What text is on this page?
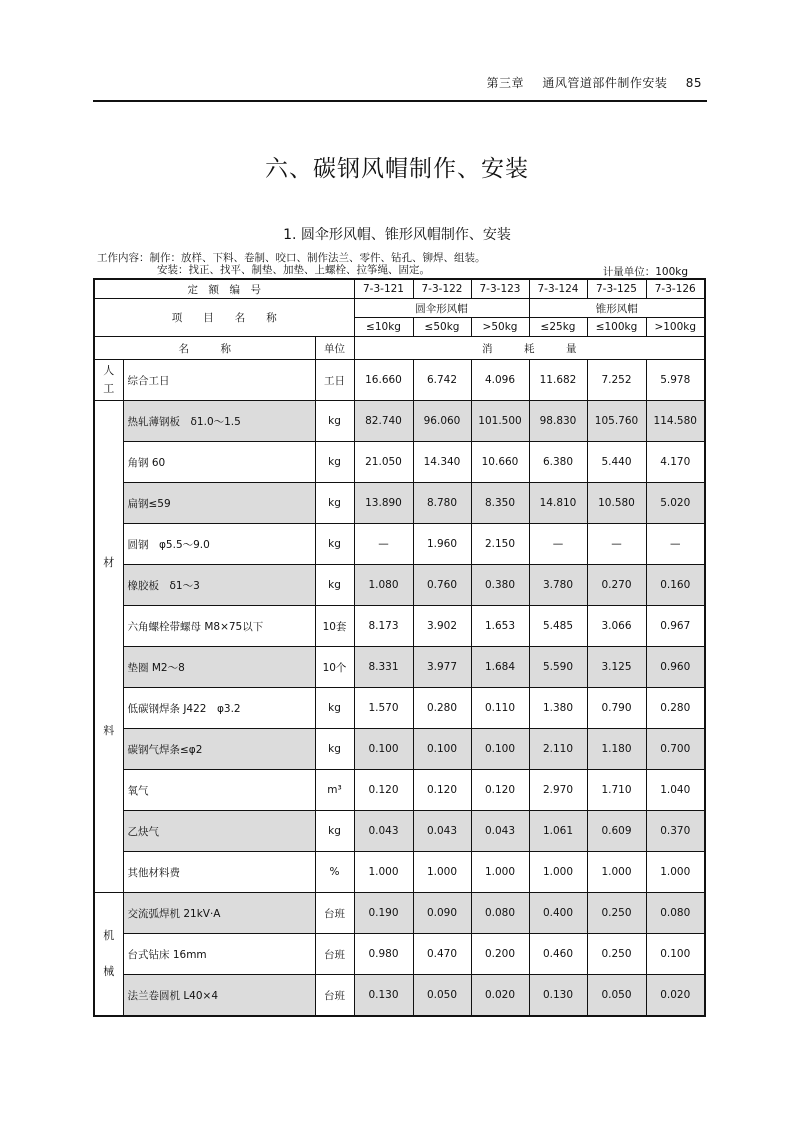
第三章 通风管道部件制作安装 85
六、碳钢风帽制作、安装
1. 圆伞形风帽、锥形风帽制作、安装
工作内容：制作：放样、下料、卷制、咬口、制作法兰、零件、钻孔、铆焊、组装。
安装：找正、找平、制垫、加垫、上螺栓、拉筝绳、固定。	计量单位：100kg
定　额　编　号			7-3-121	7-3-122	7-3-123	7-3-124	7-3-125	7-3-126
项　　目　　名　　称			圆伞形风帽			锥形风帽		
			≤10kg	≤50kg	>50kg	≤25kg	≤100kg	>100kg
名　　　称		单位	消　　　耗　　　量					

人
工	综合工日	工日	16.660	6.742	4.096	11.682	7.252	5.978

材
料	热轧薄钢板　δ1.0～1.5	kg	82.740	96.060	101.500	98.830	105.760	114.580
	角钢 60	kg	21.050	14.340	10.660	6.380	5.440	4.170
	扁钢≤59	kg	13.890	8.780	8.350	14.810	10.580	5.020
	圆钢　φ5.5～9.0	kg	—	1.960	2.150	—	—	—
	橡胶板　δ1～3	kg	1.080	0.760	0.380	3.780	0.270	0.160
	六角螺栓带螺母 M8×75以下	10套	8.173	3.902	1.653	5.485	3.066	0.967
	垫圈 M2～8	10个	8.331	3.977	1.684	5.590	3.125	0.960
	低碳钢焊条 J422　φ3.2	kg	1.570	0.280	0.110	1.380	0.790	0.280
	碳钢气焊条≤φ2	kg	0.100	0.100	0.100	2.110	1.180	0.700
	氧气	m³	0.120	0.120	0.120	2.970	1.710	1.040
	乙炔气	kg	0.043	0.043	0.043	1.061	0.609	0.370
	其他材料费	%	1.000	1.000	1.000	1.000	1.000	1.000

机

械	交流弧焊机 21kV·A	台班	0.190	0.090	0.080	0.400	0.250	0.080
	台式钻床 16mm	台班	0.980	0.470	0.200	0.460	0.250	0.100
	法兰卷圆机 L40×4	台班	0.130	0.050	0.020	0.130	0.050	0.020
